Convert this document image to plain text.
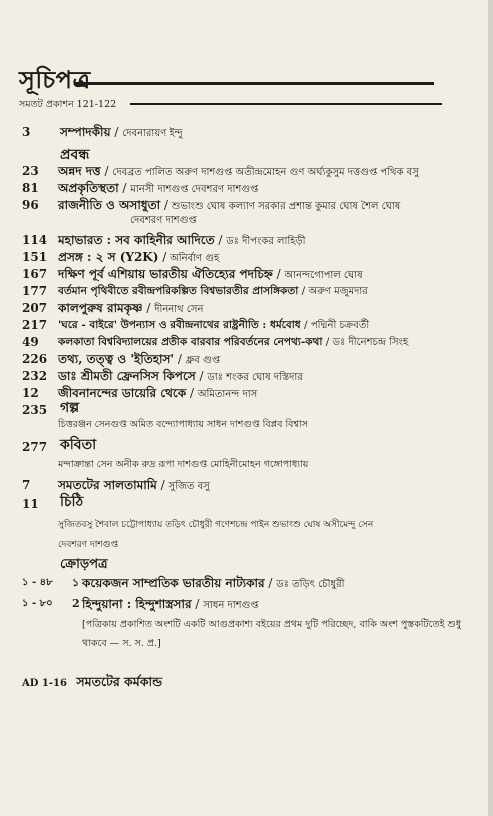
সূচিপত্র
সমতট প্রকাশন 121-122
3 সম্পাদকীয় / দেবনারায়ণ ইন্দু
প্রবন্ধ
23 অন্নদ দত্ত / দেবব্রত পালিত অরুণ দাশগুপ্ত অতীন্দ্রমোহন গুণ অর্ঘ্যকুসুম দত্তগুপ্ত পথিক বসু
81 অপ্রকৃতিস্থতা / মানসী দাশগুপ্ত দেবশরণ দাশগুপ্ত
96 রাজনীতি ও অসাধুতা / শুভাংশু ঘোষ কল্যাণ সরকার প্রশান্ত কুমার ঘোষ শৈল ঘোষ
দেবশরণ দাশগুপ্ত
114 মহাভারত : সব কাহিনীর আদিতে / ডঃ দীপংকর লাহিড়ী
151 প্রসঙ্গ : ২ স (Y2K) / অনির্বাণ গুহ
167 দক্ষিণ পূর্ব এশিয়ায় ভারতীয় ঐতিহ্যের পদচিহ্ন / আনন্দগোপাল ঘোষ
177 বর্তমান পৃথিবীতে রবীন্দ্রপরিকল্পিত বিশ্বভারতীর প্রাসঙ্গিকতা / অরুণ মজুমদার
207 কালপুরুষ রামকৃষ্ণ / দীননাথ সেন
217 'ঘরে - বাইরে' উপন্যাস ও রবীন্দ্রনাথের রাষ্ট্রনীতি : ধর্মবোধ / পদ্মিনী চক্রবর্তী
49 কলকাতা বিশ্ববিদ্যালয়ের প্রতীক বারবার পরিবর্তনের নেপথ্য-কথা / ডঃ দীনেশচন্দ্র সিংহ
226 তথ্য, তত্ত্ব ও 'ইতিহাস' / ধ্রুব গুপ্ত
232 ডাঃ শ্রীমতী ফ্রেনসিস কিপসে / ডাঃ শংকর ঘোষ দস্তিদার
12 জীবনানন্দের ডায়েরি থেকে / অমিতানন্দ দাস
235 গল্প
চিত্তরঞ্জন সেনগুপ্ত অমিত বন্দ্যোপাধ্যায় সাধন দাশগুপ্ত বিপ্লব বিশ্বাস
277 কবিতা
মন্দাক্রান্তা সেন অনীক রুদ্র রূপা দাশগুপ্ত মোহিনীমোহন গঙ্গোপাধ্যায়
7 সমতটের সালতামামি / সুজিত বসু
11 চিঠি
সুজিতবসু শৈবাল চট্টোপাধ্যায় তড়িৎ চৌধুরী গণেশচন্দ্র পাইন শুভাংশু ঘোষ অসীমেন্দু সেন
দেবশরণ দাশগুপ্ত
ক্রোড়পত্র
১ - ৪৮ ১ কয়েকজন সাম্প্রতিক ভারতীয় নাট্যকার / ডঃ তড়িৎ চৌধুরী
১ - ৮০ 2 হিন্দুয়ানা : হিন্দুশাস্ত্রসার / সাধন দাশগুপ্ত
[পত্রিকায় প্রকাশিত অংশটি একটি আগুপ্রকাশ্য বইয়ের প্রথম দুটি পরিচ্ছেদ, বাকি অংশ পুস্তকটিতেই শুধু থাকবে — স. স. প্র.]
AD 1-16 সমতটের কর্মকান্ড
